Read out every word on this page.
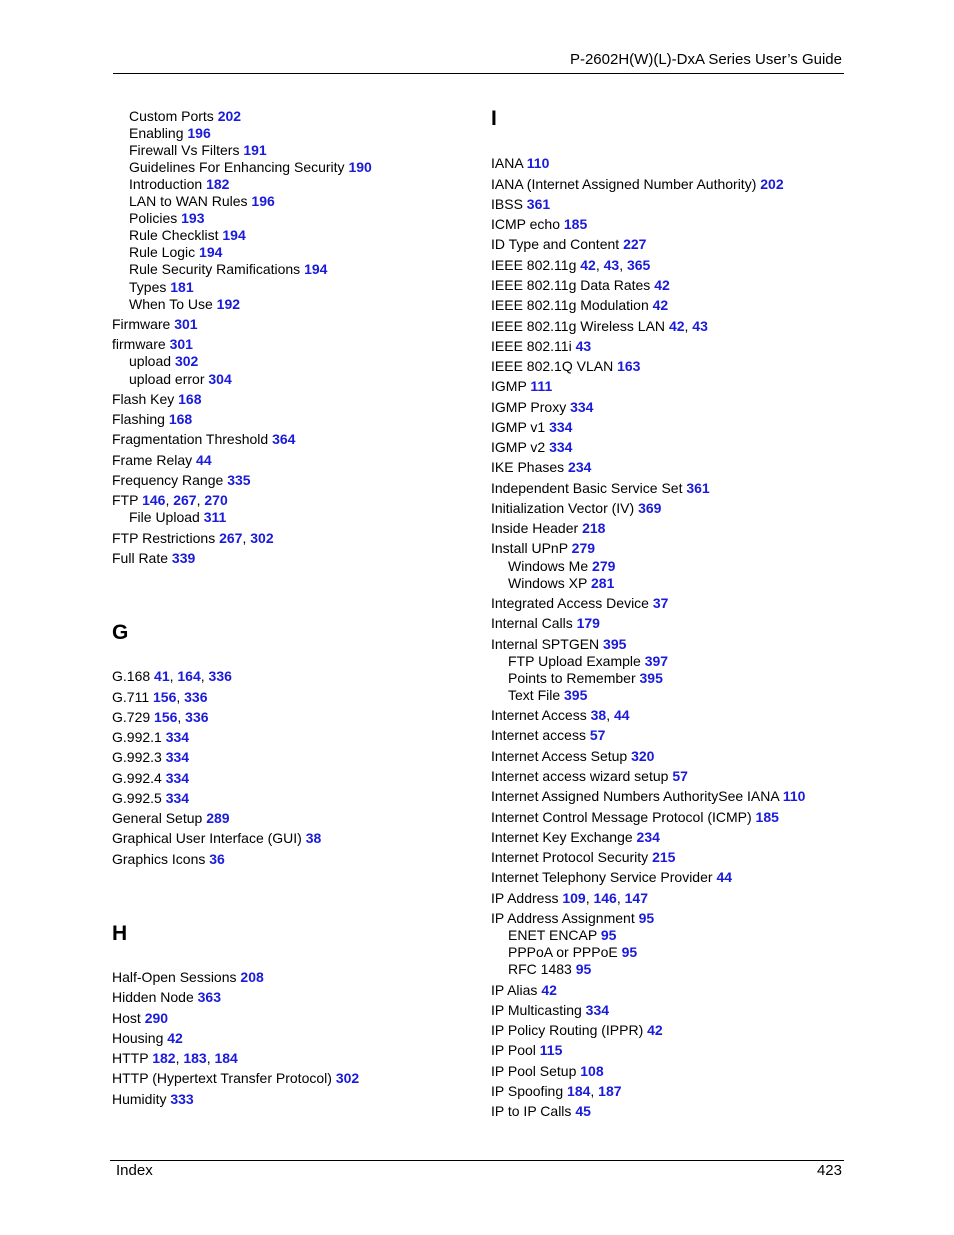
P-2602H(W)(L)-DxA Series User’s Guide
Custom Ports 202
Enabling 196
Firewall Vs Filters 191
Guidelines For Enhancing Security 190
Introduction 182
LAN to WAN Rules 196
Policies 193
Rule Checklist 194
Rule Logic 194
Rule Security Ramifications 194
Types 181
When To Use 192
Firmware 301
firmware 301
upload 302
upload error 304
Flash Key 168
Flashing 168
Fragmentation Threshold 364
Frame Relay 44
Frequency Range 335
FTP 146, 267, 270
File Upload 311
FTP Restrictions 267, 302
Full Rate 339
G
G.168 41, 164, 336
G.711 156, 336
G.729 156, 336
G.992.1 334
G.992.3 334
G.992.4 334
G.992.5 334
General Setup 289
Graphical User Interface (GUI) 38
Graphics Icons 36
H
Half-Open Sessions 208
Hidden Node 363
Host 290
Housing 42
HTTP 182, 183, 184
HTTP (Hypertext Transfer Protocol) 302
Humidity 333
I
IANA 110
IANA (Internet Assigned Number Authority) 202
IBSS 361
ICMP echo 185
ID Type and Content 227
IEEE 802.11g 42, 43, 365
IEEE 802.11g Data Rates 42
IEEE 802.11g Modulation 42
IEEE 802.11g Wireless LAN 42, 43
IEEE 802.11i 43
IEEE 802.1Q VLAN 163
IGMP 111
IGMP Proxy 334
IGMP v1 334
IGMP v2 334
IKE Phases 234
Independent Basic Service Set 361
Initialization Vector (IV) 369
Inside Header 218
Install UPnP 279
Windows Me 279
Windows XP 281
Integrated Access Device 37
Internal Calls 179
Internal SPTGEN 395
FTP Upload Example 397
Points to Remember 395
Text File 395
Internet Access 38, 44
Internet access 57
Internet Access Setup 320
Internet access wizard setup 57
Internet Assigned Numbers AuthoritySee IANA 110
Internet Control Message Protocol (ICMP) 185
Internet Key Exchange 234
Internet Protocol Security 215
Internet Telephony Service Provider 44
IP Address 109, 146, 147
IP Address Assignment 95
ENET ENCAP 95
PPPoA or PPPoE 95
RFC 1483 95
IP Alias 42
IP Multicasting 334
IP Policy Routing (IPPR) 42
IP Pool 115
IP Pool Setup 108
IP Spoofing 184, 187
IP to IP Calls 45
Index	423
